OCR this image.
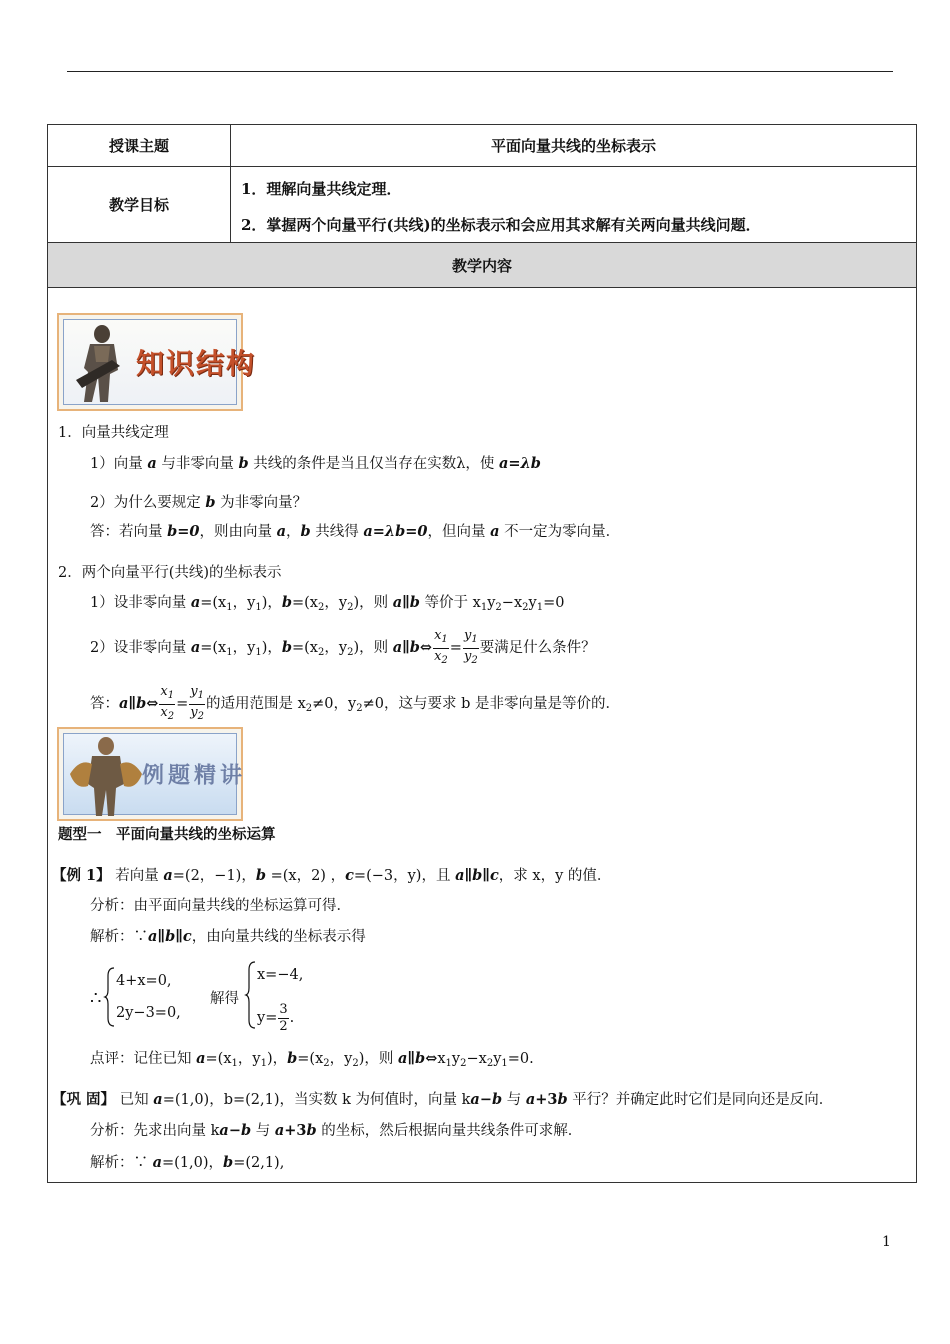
授课主题	平面向量共线的坐标表示
教学目标
1．理解向量共线定理．
2．掌握两个向量平行(共线)的坐标表示和会应用其求解有关两向量共线问题．
教学内容
知识结构
1．向量共线定理
1）向量 a 与非零向量 b 共线的条件是当且仅当存在实数λ，使 a=λb
2）为什么要规定 b 为非零向量？
答：若向量 b=0，则由向量 a，b 共线得 a=λb=0，但向量 a 不一定为零向量．
2．两个向量平行(共线)的坐标表示
1）设非零向量 $a=(x_1$，$y_1$)，$b=(x_2$，$y_2$)，则 a∥b 等价于 $x_1y_2-x_2y_1=0$
2）设非零向量 $a=(x_1$，$y_1$)，$b=(x_2$，$y_2$)，则 a∥b⇔ $\frac{x_1}{x_2} = \frac{y_1}{y_2}$ 要满足什么条件？
答：a∥b⇔ $\frac{x_1}{x_2} = \frac{y_1}{y_2}$ 的适用范围是 $x_2\ne 0$，$y_2\ne 0$，这与要求 b 是非零向量是等价的．
例题精讲
题型一　平面向量共线的坐标运算
【例 1】 若向量 a=(2，−1)，b =(x，2) ，c=(−3，y)，且 a∥b∥c，求 x，y 的值．
分析：由平面向量共线的坐标运算可得．
解析：∵a∥b∥c，由向量共线的坐标表示得
∴
4+x=0,
2y−3=0,
解得
x=−4,
$y= \frac{3}{2}$ .
点评：记住已知 $a=(x_1$，$y_1$)，$b=(x_2$，$y_2$)，则 $a\parallel b\Leftrightarrow x_1y_2-x_2y_1=0$.
【巩 固】 已知 a=(1,0)，b=(2,1)，当实数 k 为何值时，向量 ka−b 与 a+3b 平行？并确定此时它们是同向还是反向．
分析：先求出向量 ka−b 与 a+3b 的坐标，然后根据向量共线条件可求解．
解析：∵ a=(1,0)，b=(2,1),
1
